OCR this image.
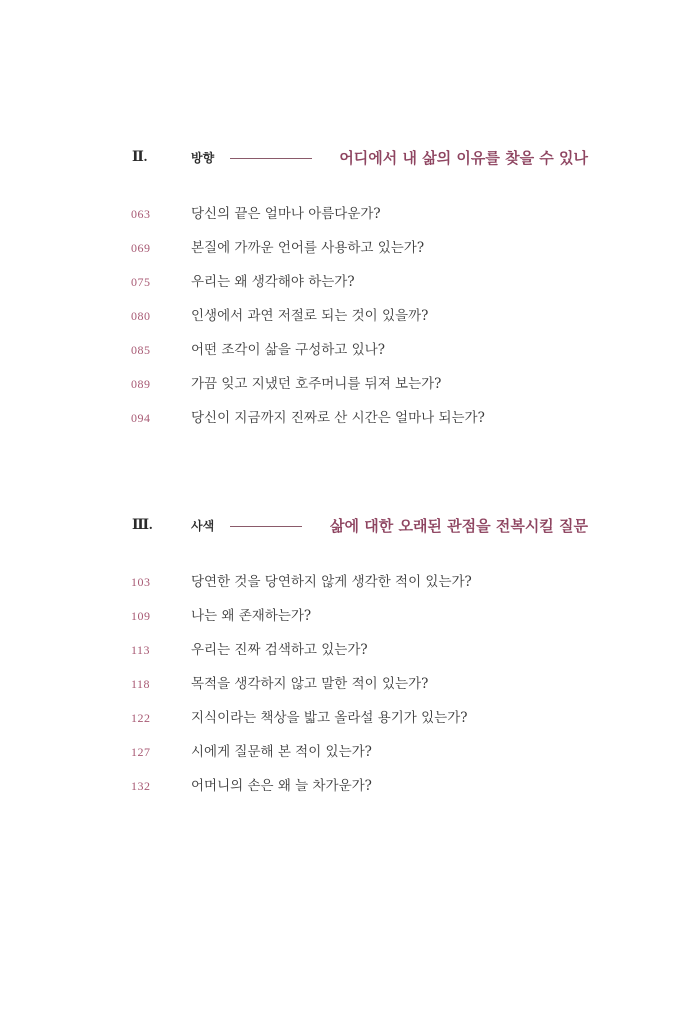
Ⅱ.	방향	어디에서 내 삶의 이유를 찾을 수 있나
063	당신의 끝은 얼마나 아름다운가?
069	본질에 가까운 언어를 사용하고 있는가?
075	우리는 왜 생각해야 하는가?
080	인생에서 과연 저절로 되는 것이 있을까?
085	어떤 조각이 삶을 구성하고 있나?
089	가끔 잊고 지냈던 호주머니를 뒤져 보는가?
094	당신이 지금까지 진짜로 산 시간은 얼마나 되는가?
Ⅲ.	사색	삶에 대한 오래된 관점을 전복시킬 질문
103	당연한 것을 당연하지 않게 생각한 적이 있는가?
109	나는 왜 존재하는가?
113	우리는 진짜 검색하고 있는가?
118	목적을 생각하지 않고 말한 적이 있는가?
122	지식이라는 책상을 밟고 올라설 용기가 있는가?
127	시에게 질문해 본 적이 있는가?
132	어머니의 손은 왜 늘 차가운가?
